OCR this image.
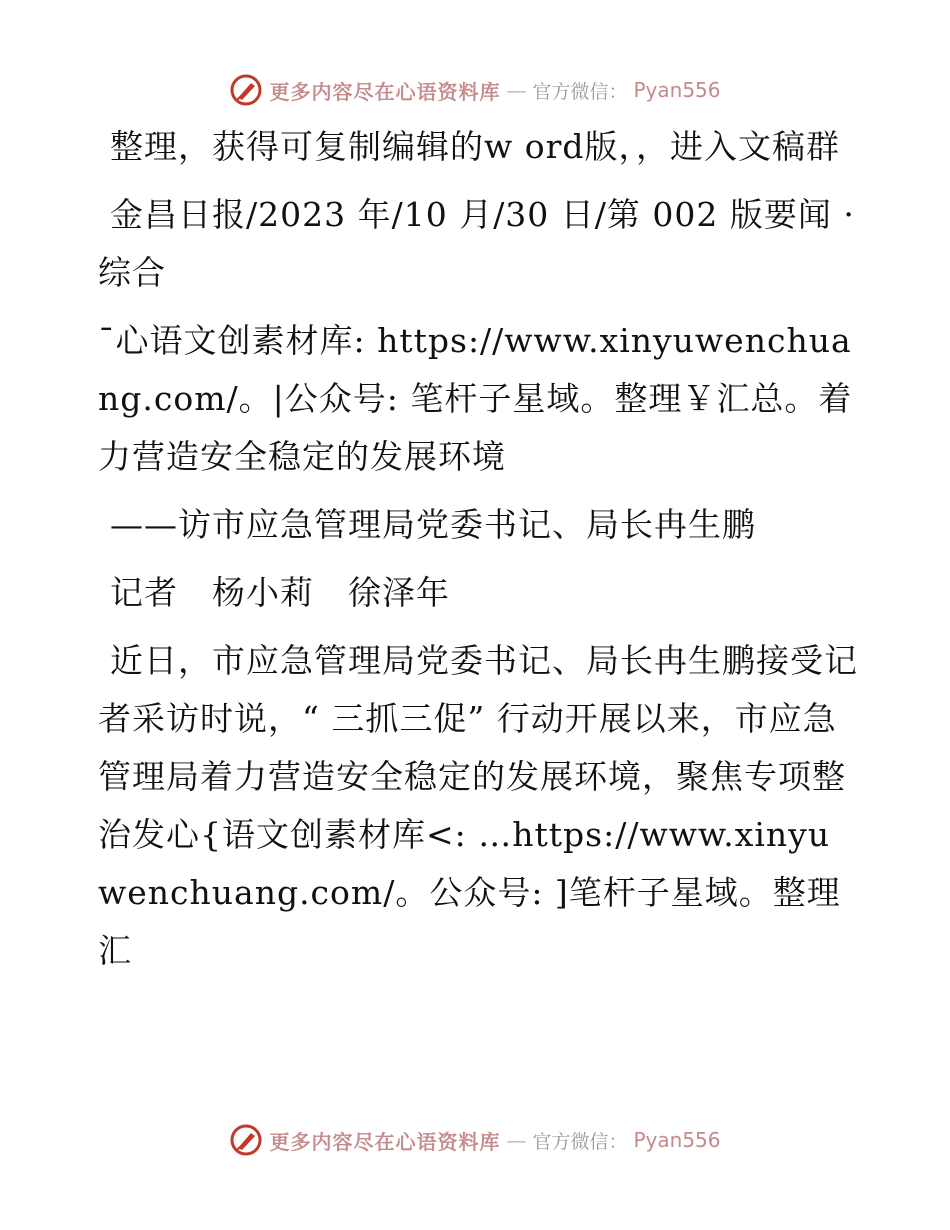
更多内容尽在心语资料库 — 官方微信： Pyan556

整理，获得可复制编辑的w ord版，，进入文稿群

金昌日报/2023 年/10 月/30 日/第 002 版要闻 · 综合

¯心语文创素材库: https://www.xinyuwenchuang.com/。|公众号: 笔杆子星域。整理￥汇总。着力营造安全稳定的发展环境

——访市应急管理局党委书记、局长冉生鹏

记者　杨小莉　徐泽年

近日，市应急管理局党委书记、局长冉生鹏接受记者采访时说，“ 三抓三促” 行动开展以来，市应急管理局着力营造安全稳定的发展环境，聚焦专项整治发心{语文创素材库<: …https://www.xinyuwenchuang.com/。公众号: ]笔杆子星域。整理汇

更多内容尽在心语资料库 — 官方微信： Pyan556
